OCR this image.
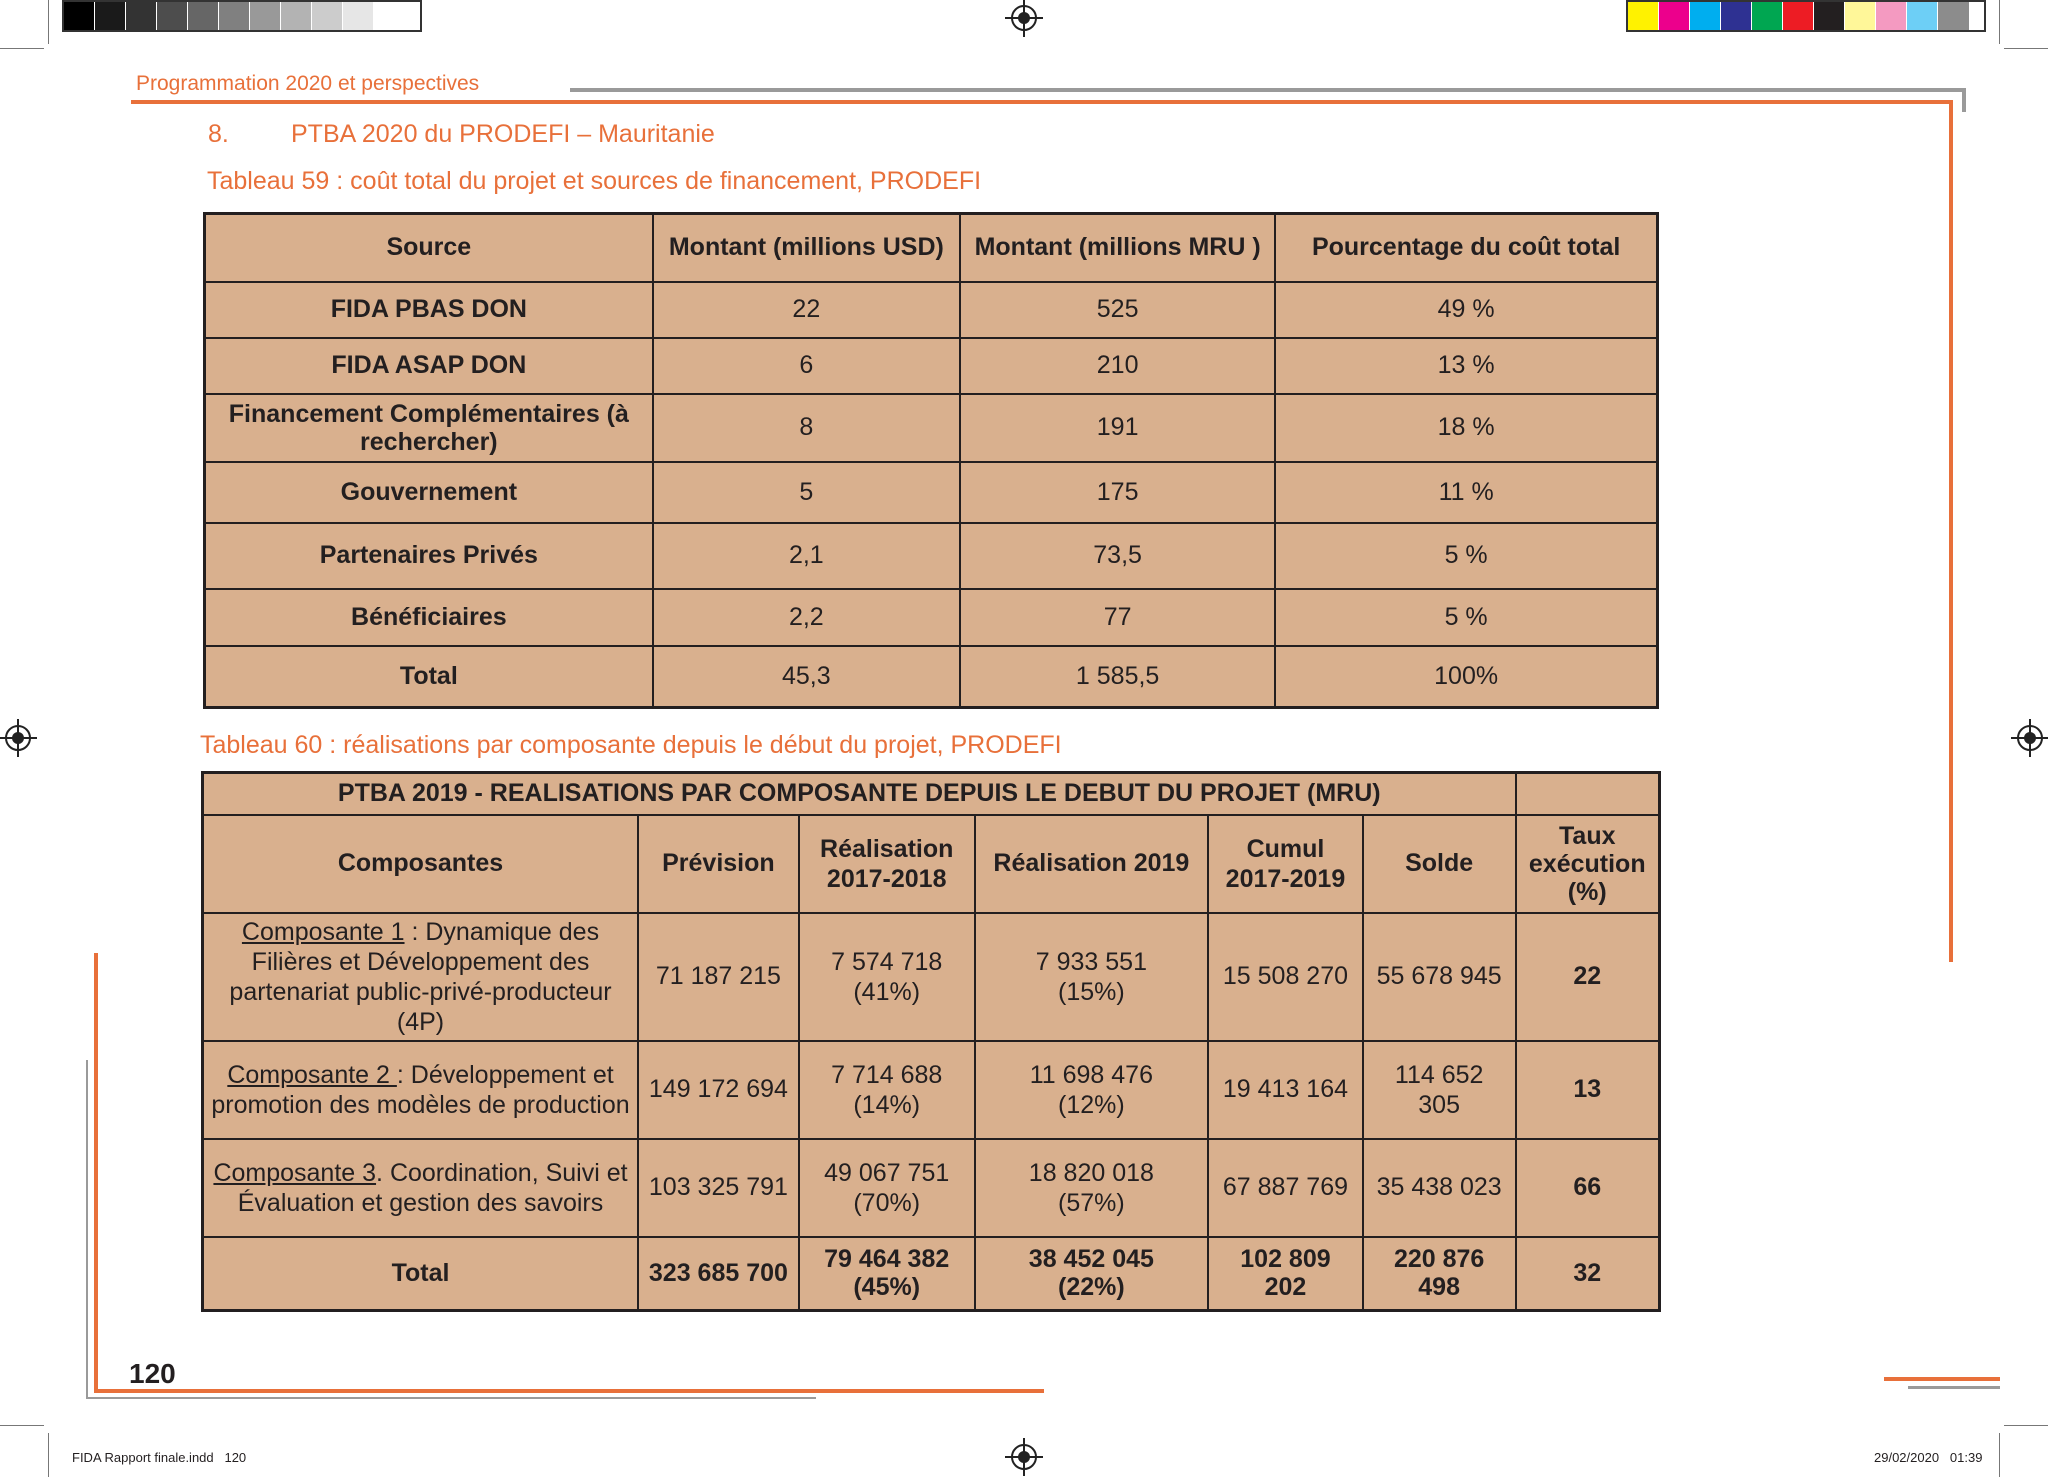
Programmation 2020 et perspectives
8. PTBA 2020 du PRODEFI – Mauritanie
Tableau 59 : coût total du projet et sources de financement, PRODEFI
Source	Montant (millions USD)	Montant (millions MRU )	Pourcentage du coût total
FIDA PBAS DON	22	525	49 %
FIDA ASAP DON	6	210	13 %
Financement Complémentaires (à rechercher)	8	191	18 %
Gouvernement	5	175	11 %
Partenaires Privés	2,1	73,5	5 %
Bénéficiaires	2,2	77	5 %
Total	45,3	1 585,5	100%
Tableau 60 : réalisations par composante depuis le début du projet, PRODEFI
PTBA 2019 - REALISATIONS PAR COMPOSANTE DEPUIS LE DEBUT DU PROJET (MRU)						
Composantes	Prévision	Réalisation 2017-2018	Réalisation 2019	Cumul 2017-2019	Solde	Taux exécution (%)
Composante 1 : Dynamique des Filières et Développement des partenariat public-privé-producteur (4P)	71 187 215	7 574 718 (41%)	7 933 551 (15%)	15 508 270	55 678 945	22
Composante 2 : Développement et promotion des modèles de production	149 172 694	7 714 688 (14%)	11 698 476 (12%)	19 413 164	114 652 305	13
Composante 3. Coordination, Suivi et Évaluation et gestion des savoirs	103 325 791	49 067 751 (70%)	18 820 018 (57%)	67 887 769	35 438 023	66
Total	323 685 700	79 464 382 (45%)	38 452 045 (22%)	102 809 202	220 876 498	32
120
FIDA Rapport finale.indd   120	29/02/2020   01:39
